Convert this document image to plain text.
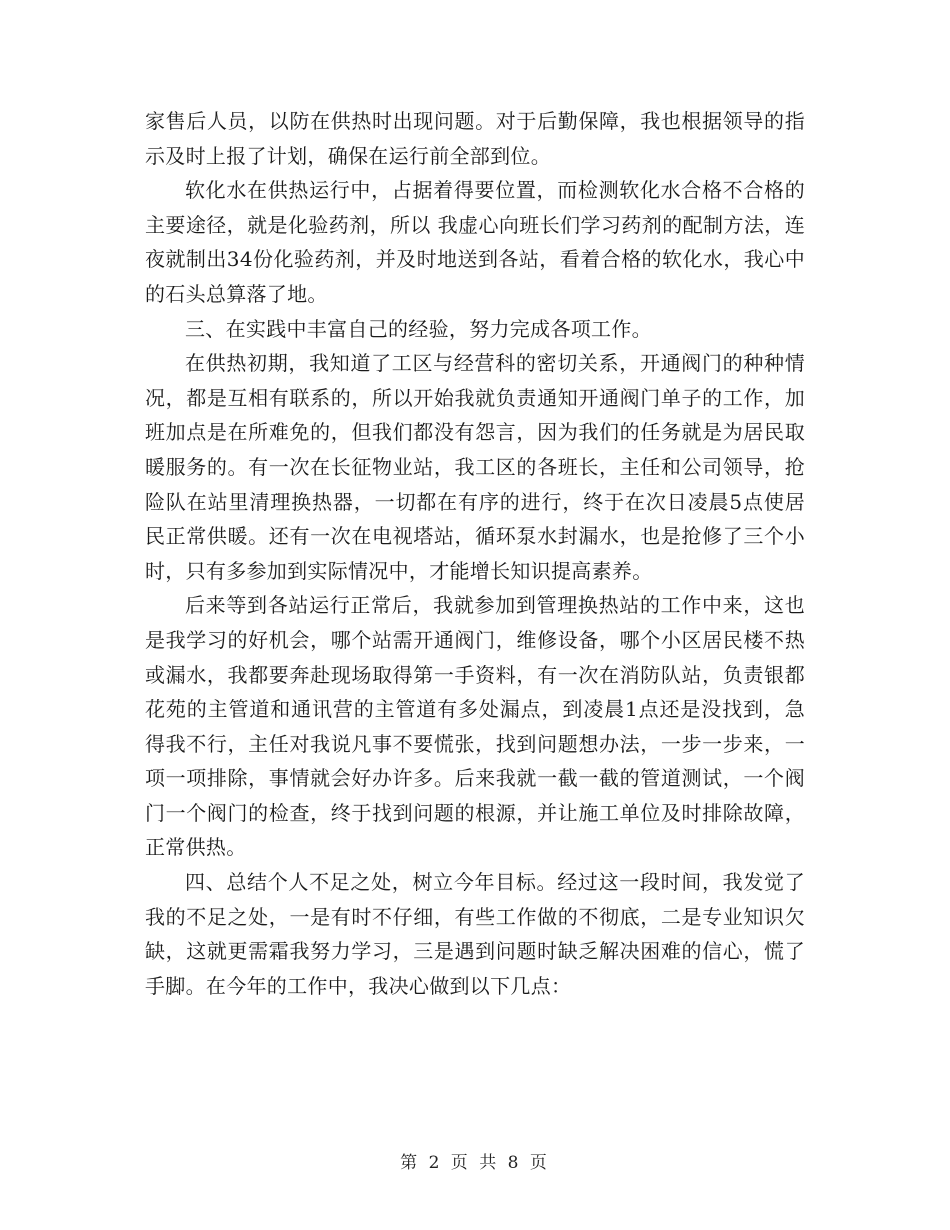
家售后人员，以防在供热时出现问题。对于后勤保障，我也根据领导的指示及时上报了计划，确保在运行前全部到位。

软化水在供热运行中，占据着得要位置，而检测软化水合格不合格的主要途径，就是化验药剂，所以 我虚心向班长们学习药剂的配制方法，连夜就制出34份化验药剂，并及时地送到各站，看着合格的软化水，我心中的石头总算落了地。

三、在实践中丰富自己的经验，努力完成各项工作。

在供热初期，我知道了工区与经营科的密切关系，开通阀门的种种情况，都是互相有联系的，所以开始我就负责通知开通阀门单子的工作，加班加点是在所难免的，但我们都没有怨言，因为我们的任务就是为居民取暖服务的。有一次在长征物业站，我工区的各班长，主任和公司领导，抢险队在站里清理换热器，一切都在有序的进行，终于在次日凌晨5点使居民正常供暖。还有一次在电视塔站，循环泵水封漏水，也是抢修了三个小时，只有多参加到实际情况中，才能增长知识提高素养。

后来等到各站运行正常后，我就参加到管理换热站的工作中来，这也是我学习的好机会，哪个站需开通阀门，维修设备，哪个小区居民楼不热或漏水，我都要奔赴现场取得第一手资料，有一次在消防队站，负责银都花苑的主管道和通讯营的主管道有多处漏点，到凌晨1点还是没找到，急得我不行，主任对我说凡事不要慌张，找到问题想办法，一步一步来，一项一项排除，事情就会好办许多。后来我就一截一截的管道测试，一个阀门一个阀门的检查，终于找到问题的根源，并让施工单位及时排除故障，正常供热。

四、总结个人不足之处，树立今年目标。经过这一段时间，我发觉了我的不足之处，一是有时不仔细，有些工作做的不彻底，二是专业知识欠缺，这就更需霜我努力学习，三是遇到问题时缺乏解决困难的信心，慌了手脚。在今年的工作中，我决心做到以下几点：

第 2 页 共 8 页
